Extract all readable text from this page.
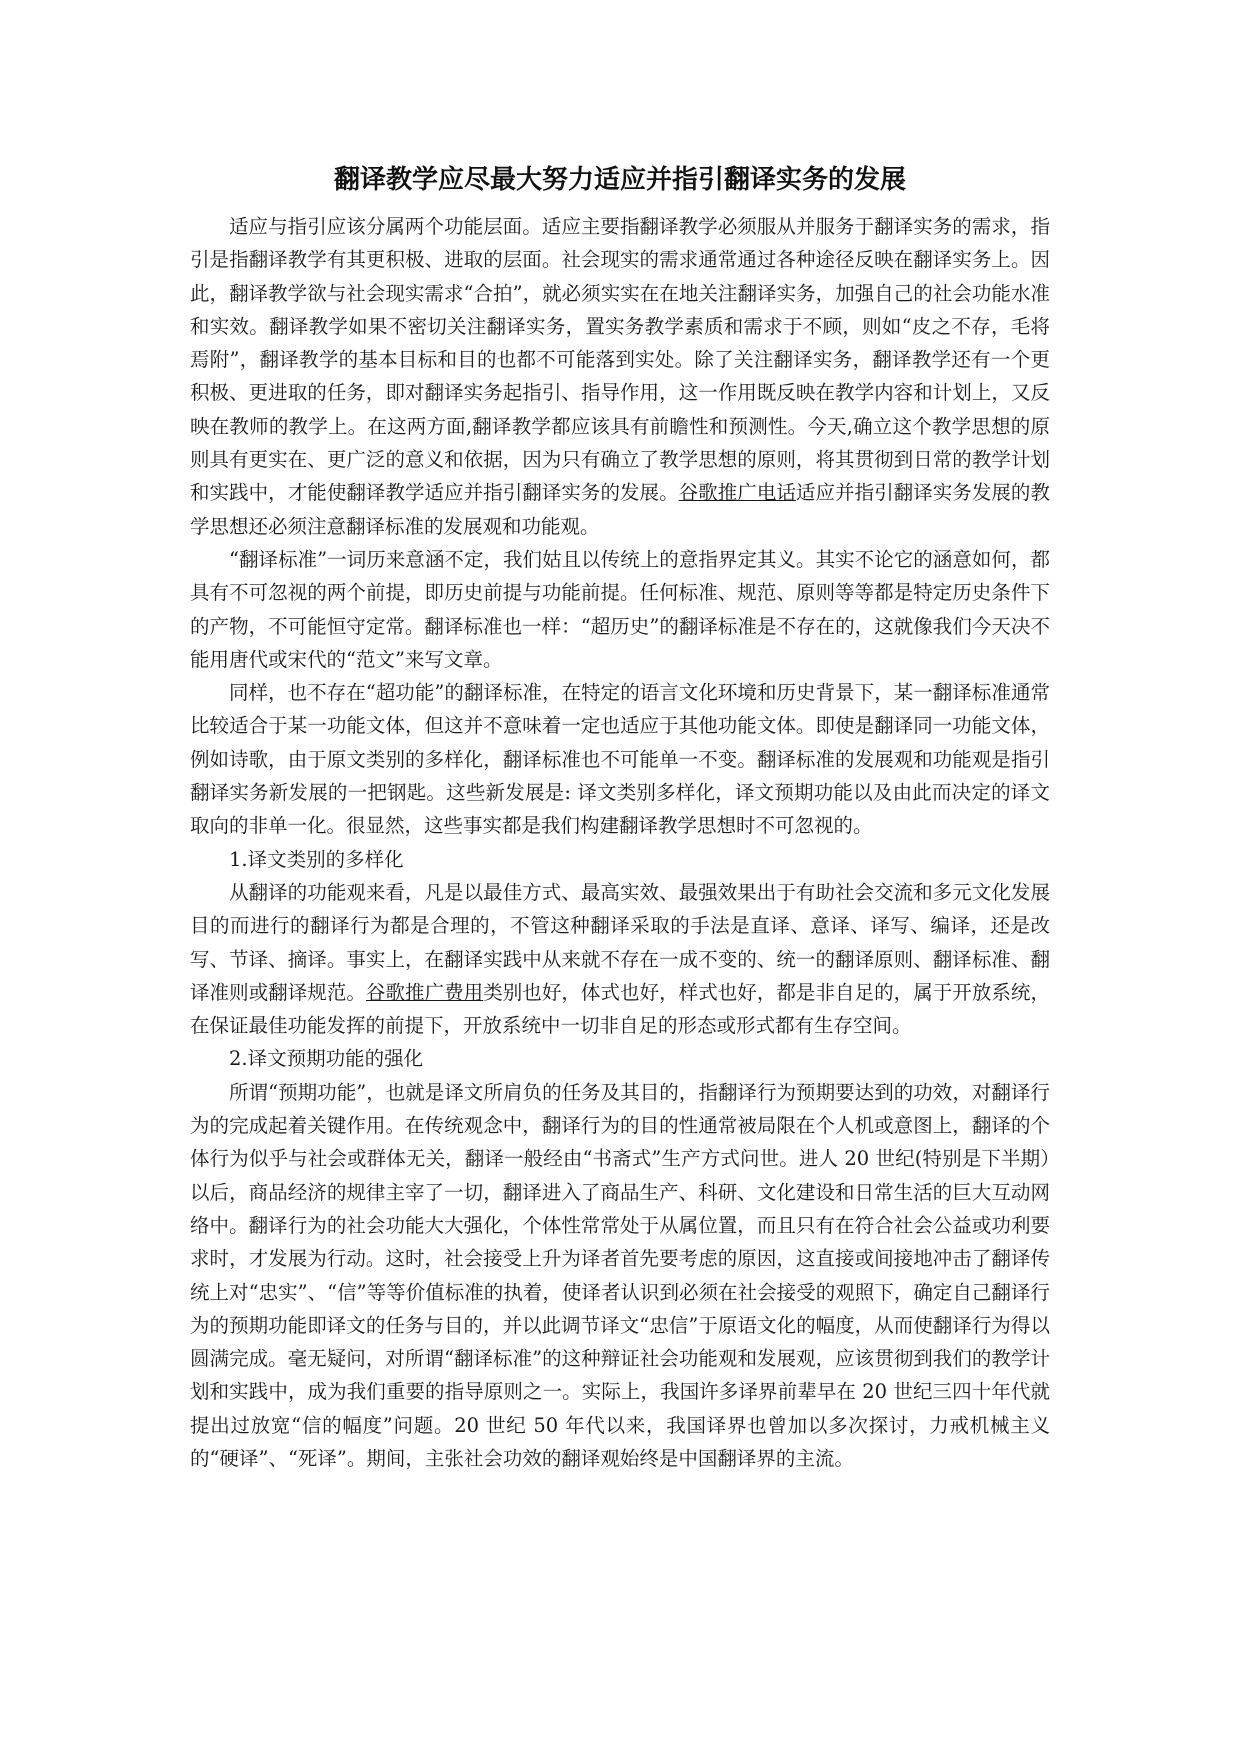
翻译教学应尽最大努力适应并指引翻译实务的发展

适应与指引应该分属两个功能层面。适应主要指翻译教学必须服从并服务于翻译实务的需求，指引是指翻译教学有其更积极、进取的层面。社会现实的需求通常通过各种途径反映在翻译实务上。因此，翻译教学欲与社会现实需求“合拍”，就必须实实在在地关注翻译实务，加强自己的社会功能水准和实效。翻译教学如果不密切关注翻译实务，置实务教学素质和需求于不顾，则如“皮之不存，毛将焉附”，翻译教学的基本目标和目的也都不可能落到实处。除了关注翻译实务，翻译教学还有一个更积极、更进取的任务，即对翻译实务起指引、指导作用，这一作用既反映在教学内容和计划上，又反映在教师的教学上。在这两方面,翻译教学都应该具有前瞻性和预测性。今天,确立这个教学思想的原则具有更实在、更广泛的意义和依据，因为只有确立了教学思想的原则，将其贯彻到日常的教学计划和实践中，才能使翻译教学适应并指引翻译实务的发展。谷歌推广电话适应并指引翻译实务发展的教学思想还必须注意翻译标准的发展观和功能观。

“翻译标准”一词历来意涵不定，我们姑且以传统上的意指界定其义。其实不论它的涵意如何，都具有不可忽视的两个前提，即历史前提与功能前提。任何标准、规范、原则等等都是特定历史条件下的产物，不可能恒守定常。翻译标准也一样：“超历史”的翻译标准是不存在的，这就像我们今天决不能用唐代或宋代的“范文”来写文章。

同样，也不存在“超功能”的翻译标准，在特定的语言文化环境和历史背景下，某一翻译标准通常比较适合于某一功能文体，但这并不意味着一定也适应于其他功能文体。即使是翻译同一功能文体，例如诗歌，由于原文类别的多样化，翻译标准也不可能单一不变。翻译标准的发展观和功能观是指引翻译实务新发展的一把钢匙。这些新发展是: 译文类别多样化，译文预期功能以及由此而决定的译文取向的非单一化。很显然，这些事实都是我们构建翻译教学思想时不可忽视的。

1.译文类别的多样化

从翻译的功能观来看，凡是以最佳方式、最高实效、最强效果出于有助社会交流和多元文化发展目的而进行的翻译行为都是合理的，不管这种翻译采取的手法是直译、意译、译写、编译，还是改写、节译、摘译。事实上，在翻译实践中从来就不存在一成不变的、统一的翻译原则、翻译标准、翻译准则或翻译规范。谷歌推广费用类别也好，体式也好，样式也好，都是非自足的，属于开放系统，在保证最佳功能发挥的前提下，开放系统中一切非自足的形态或形式都有生存空间。

2.译文预期功能的强化

所谓“预期功能”，也就是译文所肩负的任务及其目的，指翻译行为预期要达到的功效，对翻译行为的完成起着关键作用。在传统观念中，翻译行为的目的性通常被局限在个人机或意图上，翻译的个体行为似乎与社会或群体无关，翻译一般经由“书斋式”生产方式问世。进人 20 世纪(特别是下半期）以后，商品经济的规律主宰了一切，翻译进入了商品生产、科研、文化建设和日常生活的巨大互动网络中。翻译行为的社会功能大大强化，个体性常常处于从属位置，而且只有在符合社会公益或功利要求时，才发展为行动。这时，社会接受上升为译者首先要考虑的原因，这直接或间接地冲击了翻译传统上对“忠实”、“信”等等价值标准的执着，使译者认识到必须在社会接受的观照下，确定自己翻译行为的预期功能即译文的任务与目的，并以此调节译文“忠信”于原语文化的幅度，从而使翻译行为得以圆满完成。毫无疑问，对所谓“翻译标准”的这种辩证社会功能观和发展观，应该贯彻到我们的教学计划和实践中，成为我们重要的指导原则之一。实际上，我国许多译界前辈早在 20 世纪三四十年代就提出过放宽“信的幅度”问题。20 世纪 50 年代以来，我国译界也曾加以多次探讨，力戒机械主义的“硬译”、“死译”。期间，主张社会功效的翻译观始终是中国翻译界的主流。
